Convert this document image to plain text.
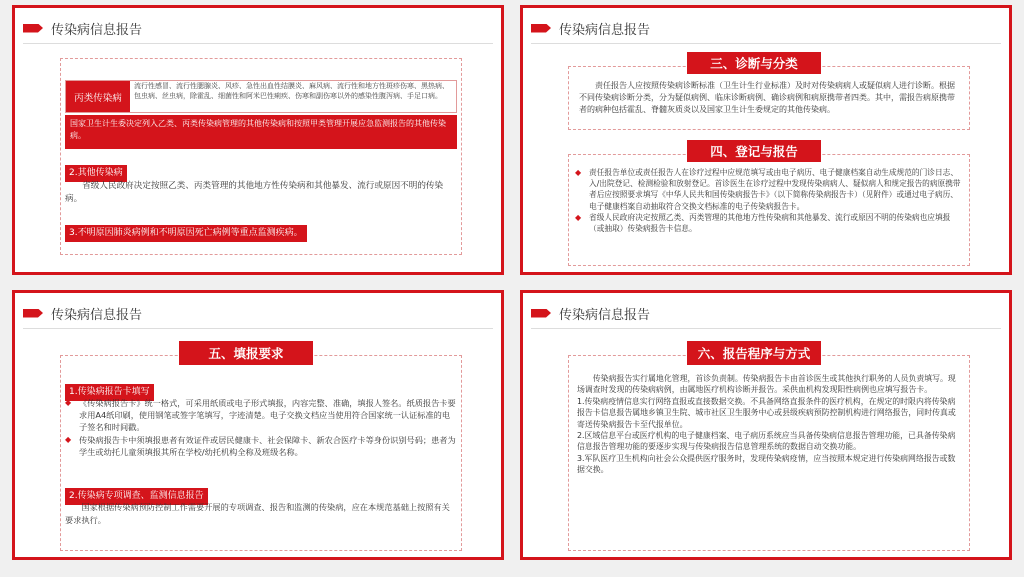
传染病信息报告
丙类传染病
流行性感冒、流行性腮腺炎、风疹、急性出血性结膜炎、麻风病、流行性和地方性斑疹伤寒、黑热病、包虫病、丝虫病，除霍乱、细菌性和阿米巴性痢疾、伤寒和副伤寒以外的感染性腹泻病、手足口病。
国家卫生计生委决定列入乙类、丙类传染病管理的其他传染病和按照甲类管理开展应急监测报告的其他传染病。
2.其他传染病
省级人民政府决定按照乙类、丙类管理的其他地方性传染病和其他暴发、流行或原因不明的传染病。
3.不明原因肺炎病例和不明原因死亡病例等重点监测疾病。
传染病信息报告
三、诊断与分类
责任报告人应按照传染病诊断标准（卫生计生行业标准）及时对传染病病人或疑似病人进行诊断。根据不同传染病诊断分类，分为疑似病例、临床诊断病例、确诊病例和病原携带者四类。其中，需报告病原携带者的病种包括霍乱、脊髓灰质炎以及国家卫生计生委规定的其他传染病。
四、登记与报告
◆ 责任报告单位或责任报告人在诊疗过程中应规范填写或由电子病历、电子健康档案自动生成规范的门诊日志、入/出院登记、检测检验和放射登记。首诊医生在诊疗过程中发现传染病病人、疑似病人和规定报告的病原携带者后应按照要求填写《中华人民共和国传染病报告卡》（以下简称传染病报告卡）（见附件）或通过电子病历、电子健康档案自动抽取符合交换文档标准的电子传染病报告卡。
◆ 省级人民政府决定按照乙类、丙类管理的其他地方性传染病和其他暴发、流行或原因不明的传染病也应填报（或抽取）传染病报告卡信息。
传染病信息报告
五、填报要求
1.传染病报告卡填写
◆ 《传染病报告卡》统一格式，可采用纸质或电子形式填报，内容完整、准确，填报人签名。纸质报告卡要求用A4纸印刷，使用钢笔或签字笔填写，字迹清楚。电子交换文档应当使用符合国家统一认证标准的电子签名和时间戳。
◆ 传染病报告卡中须填报患者有效证件或居民健康卡、社会保障卡、新农合医疗卡等身份识别号码；患者为学生或幼托儿童须填报其所在学校/幼托机构全称及班级名称。
2.传染病专项调查、监测信息报告
国家根据传染病预防控制工作需要开展的专项调查、报告和监测的传染病，应在本规范基础上按照有关要求执行。
传染病信息报告
六、报告程序与方式
传染病报告实行属地化管理，首诊负责制。传染病报告卡由首诊医生或其他执行职务的人员负责填写。现场调查时发现的传染病病例，由属地医疗机构诊断并报告。采供血机构发现阳性病例也应填写报告卡。
1.传染病疫情信息实行网络直报或直接数据交换。不具备网络直报条件的医疗机构，在规定的时限内将传染病报告卡信息报告属地乡镇卫生院、城市社区卫生服务中心或县级疾病预防控制机构进行网络报告，同时传真或寄送传染病报告卡至代报单位。
2.区域信息平台或医疗机构的电子健康档案、电子病历系统应当具备传染病信息报告管理功能，已具备传染病信息报告管理功能的要逐步实现与传染病报告信息管理系统的数据自动交换功能。
3.军队医疗卫生机构向社会公众提供医疗服务时，发现传染病疫情，应当按照本规定进行传染病网络报告或数据交换。
